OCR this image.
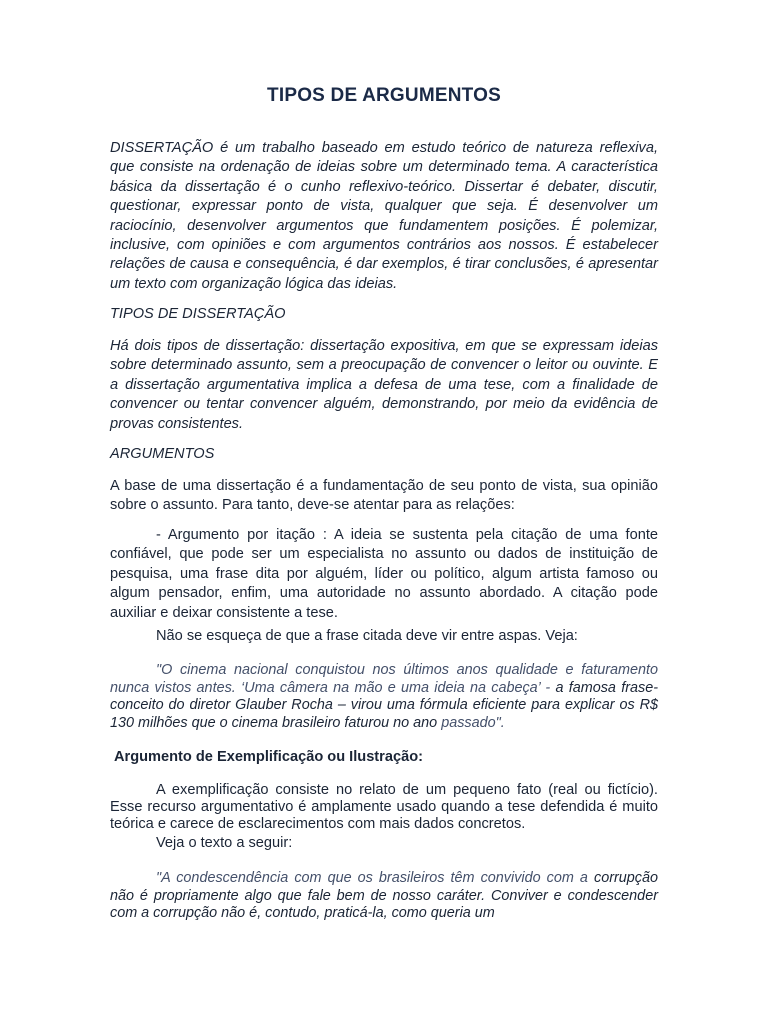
TIPOS DE ARGUMENTOS

DISSERTAÇÃO é um trabalho baseado em estudo teórico de natureza reflexiva, que consiste na ordenação de ideias sobre um determinado tema. A característica básica da dissertação é o cunho reflexivo-teórico. Dissertar é debater, discutir, questionar, expressar ponto de vista, qualquer que seja. É desenvolver um raciocínio, desenvolver argumentos que fundamentem posições. É polemizar, inclusive, com opiniões e com argumentos contrários aos nossos. É estabelecer relações de causa e consequência, é dar exemplos, é tirar conclusões, é apresentar um texto com organização lógica das ideias.

TIPOS DE DISSERTAÇÃO

Há dois tipos de dissertação: dissertação expositiva, em que se expressam ideias sobre determinado assunto, sem a preocupação de convencer o leitor ou ouvinte. E a dissertação argumentativa implica a defesa de uma tese, com a finalidade de convencer ou tentar convencer alguém, demonstrando, por meio da evidência de provas consistentes.

ARGUMENTOS

A base de uma dissertação é a fundamentação de seu ponto de vista, sua opinião sobre o assunto. Para tanto, deve-se atentar para as relações:

- Argumento por itação : A ideia se sustenta pela citação de uma fonte confiável, que pode ser um especialista no assunto ou dados de instituição de pesquisa, uma frase dita por alguém, líder ou político, algum artista famoso ou algum pensador, enfim, uma autoridade no assunto abordado. A citação pode auxiliar e deixar consistente a tese.

Não se esqueça de que a frase citada deve vir entre aspas. Veja:

"O cinema nacional conquistou nos últimos anos qualidade e faturamento nunca vistos antes. ‘Uma câmera na mão e uma ideia na cabeça’ - a famosa frase-conceito do diretor Glauber Rocha – virou uma fórmula eficiente para explicar os R$ 130 milhões que o cinema brasileiro faturou no ano passado".

Argumento de Exemplificação ou Ilustração:

A exemplificação consiste no relato de um pequeno fato (real ou fictício). Esse recurso argumentativo é amplamente usado quando a tese defendida é muito teórica e carece de esclarecimentos com mais dados concretos.

Veja o texto a seguir:

"A condescendência com que os brasileiros têm convivido com a corrupção não é propriamente algo que fale bem de nosso caráter. Conviver e condescender com a corrupção não é, contudo, praticá-la, como queria um
